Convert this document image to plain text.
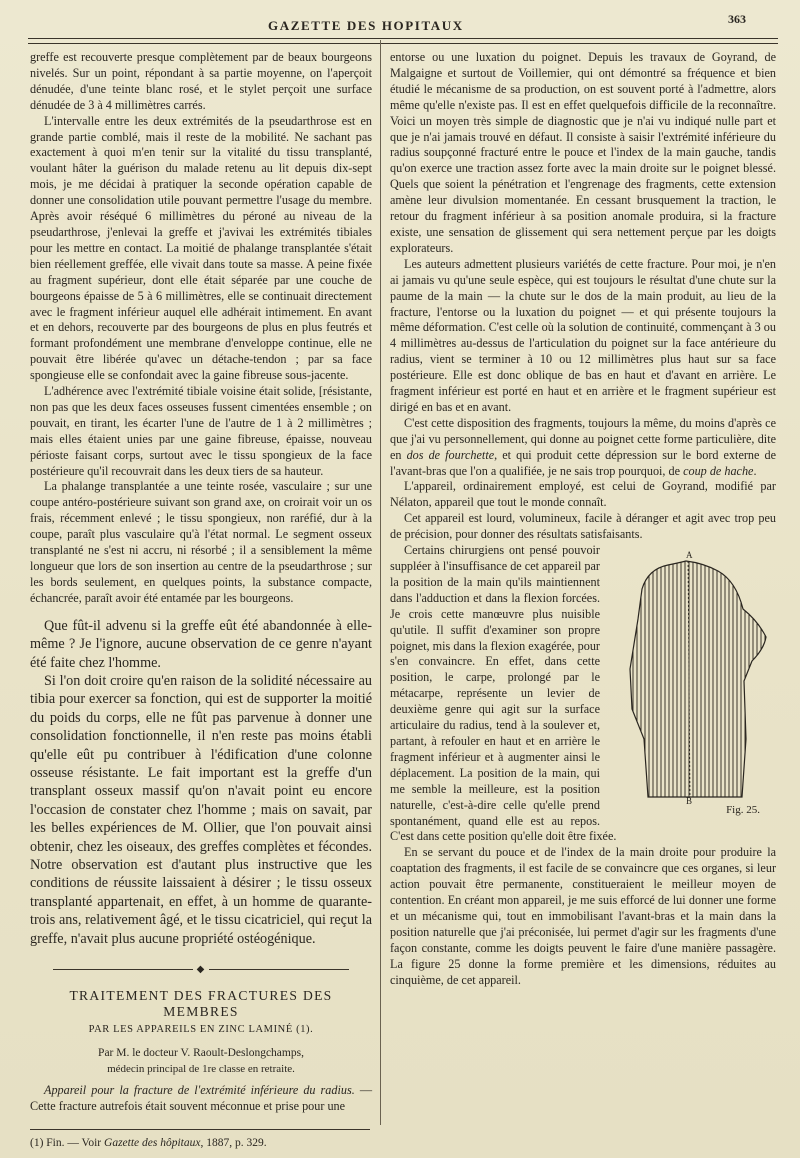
GAZETTE DES HOPITAUX	363

greffe est recouverte presque complètement par de beaux bourgeons nivelés. Sur un point, répondant à sa partie moyenne, on l'aperçoit dénudée, d'une teinte blanc rosé, et le stylet perçoit une surface dénudée de 3 à 4 millimètres carrés.

L'intervalle entre les deux extrémités de la pseudarthrose est en grande partie comblé, mais il reste de la mobilité. Ne sachant pas exactement à quoi m'en tenir sur la vitalité du tissu transplanté, voulant hâter la guérison du malade retenu au lit depuis dix-sept mois, je me décidai à pratiquer la seconde opération capable de donner une consolidation utile pouvant permettre l'usage du membre. Après avoir réséqué 6 millimètres du péroné au niveau de la pseudarthrose, j'enlevai la greffe et j'avivai les extrémités tibiales pour les mettre en contact. La moitié de phalange transplantée s'était bien réellement greffée, elle vivait dans toute sa masse. A peine fixée au fragment supérieur, dont elle était séparée par une couche de bourgeons épaisse de 5 à 6 millimètres, elle se continuait directement avec le fragment inférieur auquel elle adhérait intimement. En avant et en dehors, recouverte par des bourgeons de plus en plus feutrés et formant profondément une membrane d'enveloppe continue, elle ne pouvait être libérée qu'avec un détache-tendon ; par sa face spongieuse elle se confondait avec la gaine fibreuse sous-jacente.

L'adhérence avec l'extrémité tibiale voisine était solide, [résistante, non pas que les deux faces osseuses fussent cimentées ensemble ; on pouvait, en tirant, les écarter l'une de l'autre de 1 à 2 millimètres ; mais elles étaient unies par une gaine fibreuse, épaisse, nouveau périoste faisant corps, surtout avec le tissu spongieux de la face postérieure qu'il recouvrait dans les deux tiers de sa hauteur.

La phalange transplantée a une teinte rosée, vasculaire ; sur une coupe antéro-postérieure suivant son grand axe, on croirait voir un os frais, récemment enlevé ; le tissu spongieux, non raréfié, dur à la coupe, paraît plus vasculaire qu'à l'état normal. Le segment osseux transplanté ne s'est ni accru, ni résorbé ; il a sensiblement la même longueur que lors de son insertion au centre de la pseudarthrose ; sur les bords seulement, en quelques points, la substance compacte, échancrée, paraît avoir été entamée par les bourgeons.

Que fût-il advenu si la greffe eût été abandonnée à elle-même ? Je l'ignore, aucune observation de ce genre n'ayant été faite chez l'homme.

Si l'on doit croire qu'en raison de la solidité nécessaire au tibia pour exercer sa fonction, qui est de supporter la moitié du poids du corps, elle ne fût pas parvenue à donner une consolidation fonctionnelle, il n'en reste pas moins établi qu'elle eût pu contribuer à l'édification d'une colonne osseuse résistante. Le fait important est la greffe d'un transplant osseux massif qu'on n'avait point eu encore l'occasion de constater chez l'homme ; mais on savait, par les belles expériences de M. Ollier, que l'on pouvait ainsi obtenir, chez les oiseaux, des greffes complètes et fécondes. Notre observation est d'autant plus instructive que les conditions de réussite laissaient à désirer ; le tissu osseux transplanté appartenait, en effet, à un homme de quarante-trois ans, relativement âgé, et le tissu cicatriciel, qui reçut la greffe, n'avait plus aucune propriété ostéogénique.

◆
TRAITEMENT DES FRACTURES DES MEMBRES
PAR LES APPAREILS EN ZINC LAMINÉ (1).
Par M. le docteur V. Raoult-Deslongchamps,
médecin principal de 1re classe en retraite.

Appareil pour la fracture de l'extrémité inférieure du radius. — Cette fracture autrefois était souvent méconnue et prise pour une

(1) Fin. — Voir Gazette des hôpitaux, 1887, p. 329.

entorse ou une luxation du poignet. Depuis les travaux de Goyrand, de Malgaigne et surtout de Voillemier, qui ont démontré sa fréquence et bien étudié le mécanisme de sa production, on est souvent porté à l'admettre, alors même qu'elle n'existe pas. Il est en effet quelquefois difficile de la reconnaître. Voici un moyen très simple de diagnostic que je n'ai vu indiqué nulle part et que je n'ai jamais trouvé en défaut. Il consiste à saisir l'extrémité inférieure du radius soupçonné fracturé entre le pouce et l'index de la main gauche, tandis qu'on exerce une traction assez forte avec la main droite sur le poignet blessé. Quels que soient la pénétration et l'engrenage des fragments, cette extension amène leur divulsion momentanée. En cessant brusquement la traction, le retour du fragment inférieur à sa position anomale produira, si la fracture existe, une sensation de glissement qui sera nettement perçue par les doigts explorateurs.

Les auteurs admettent plusieurs variétés de cette fracture. Pour moi, je n'en ai jamais vu qu'une seule espèce, qui est toujours le résultat d'une chute sur la paume de la main — la chute sur le dos de la main produit, au lieu de la fracture, l'entorse ou la luxation du poignet — et qui présente toujours la même déformation. C'est celle où la solution de continuité, commençant à 3 ou 4 millimètres au-dessus de l'articulation du poignet sur la face antérieure du radius, vient se terminer à 10 ou 12 millimètres plus haut sur sa face postérieure. Elle est donc oblique de bas en haut et d'avant en arrière. Le fragment inférieur est porté en haut et en arrière et le fragment supérieur est dirigé en bas et en avant.

C'est cette disposition des fragments, toujours la même, du moins d'après ce que j'ai vu personnellement, qui donne au poignet cette forme particulière, dite en dos de fourchette, et qui produit cette dépression sur le bord externe de l'avant-bras que l'on a qualifiée, je ne sais trop pourquoi, de coup de hache.

L'appareil, ordinairement employé, est celui de Goyrand, modifié par Nélaton, appareil que tout le monde connaît.

Cet appareil est lourd, volumineux, facile à déranger et agit avec trop peu de précision, pour donner des résultats satisfaisants.

A
B
Fig. 25.

Certains chirurgiens ont pensé pouvoir suppléer à l'insuffisance de cet appareil par la position de la main qu'ils maintiennent dans l'adduction et dans la flexion forcées. Je crois cette manœuvre plus nuisible qu'utile. Il suffit d'examiner son propre poignet, mis dans la flexion exagérée, pour s'en convaincre. En effet, dans cette position, le carpe, prolongé par le métacarpe, représente un levier de deuxième genre qui agit sur la surface articulaire du radius, tend à la soulever et, partant, à refouler en haut et en arrière le fragment inférieur et à augmenter ainsi le déplacement. La position de la main, qui me semble la meilleure, est la position naturelle, c'est-à-dire celle qu'elle prend spontanément, quand elle est au repos. C'est dans cette position qu'elle doit être fixée.

En se servant du pouce et de l'index de la main droite pour produire la coaptation des fragments, il est facile de se convaincre que ces organes, si leur action pouvait être permanente, constitueraient le meilleur moyen de contention. En créant mon appareil, je me suis efforcé de lui donner une forme et un mécanisme qui, tout en immobilisant l'avant-bras et la main dans la position naturelle que j'ai préconisée, lui permet d'agir sur les fragments d'une façon constante, comme les doigts peuvent le faire d'une manière passagère. La figure 25 donne la forme première et les dimensions, réduites au cinquième, de cet appareil.
